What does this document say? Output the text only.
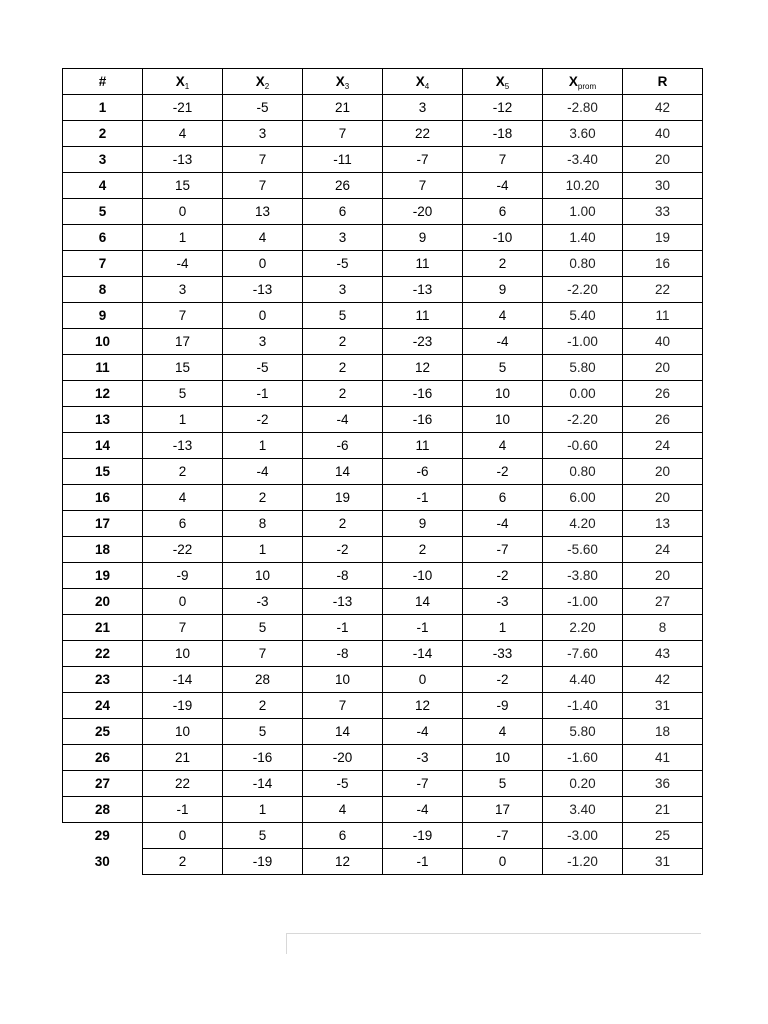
#	$X_1$	$X_2$	$X_3$	$X_4$	$X_5$	$X_{prom}$	R
1	-21	-5	21	3	-12	-2.80	42
2	4	3	7	22	-18	3.60	40
3	-13	7	-11	-7	7	-3.40	20
4	15	7	26	7	-4	10.20	30
5	0	13	6	-20	6	1.00	33
6	1	4	3	9	-10	1.40	19
7	-4	0	-5	11	2	0.80	16
8	3	-13	3	-13	9	-2.20	22
9	7	0	5	11	4	5.40	11
10	17	3	2	-23	-4	-1.00	40
11	15	-5	2	12	5	5.80	20
12	5	-1	2	-16	10	0.00	26
13	1	-2	-4	-16	10	-2.20	26
14	-13	1	-6	11	4	-0.60	24
15	2	-4	14	-6	-2	0.80	20
16	4	2	19	-1	6	6.00	20
17	6	8	2	9	-4	4.20	13
18	-22	1	-2	2	-7	-5.60	24
19	-9	10	-8	-10	-2	-3.80	20
20	0	-3	-13	14	-3	-1.00	27
21	7	5	-1	-1	1	2.20	8
22	10	7	-8	-14	-33	-7.60	43
23	-14	28	10	0	-2	4.40	42
24	-19	2	7	12	-9	-1.40	31
25	10	5	14	-4	4	5.80	18
26	21	-16	-20	-3	10	-1.60	41
27	22	-14	-5	-7	5	0.20	36
28	-1	1	4	-4	17	3.40	21
29	0	5	6	-19	-7	-3.00	25
30	2	-19	12	-1	0	-1.20	31
